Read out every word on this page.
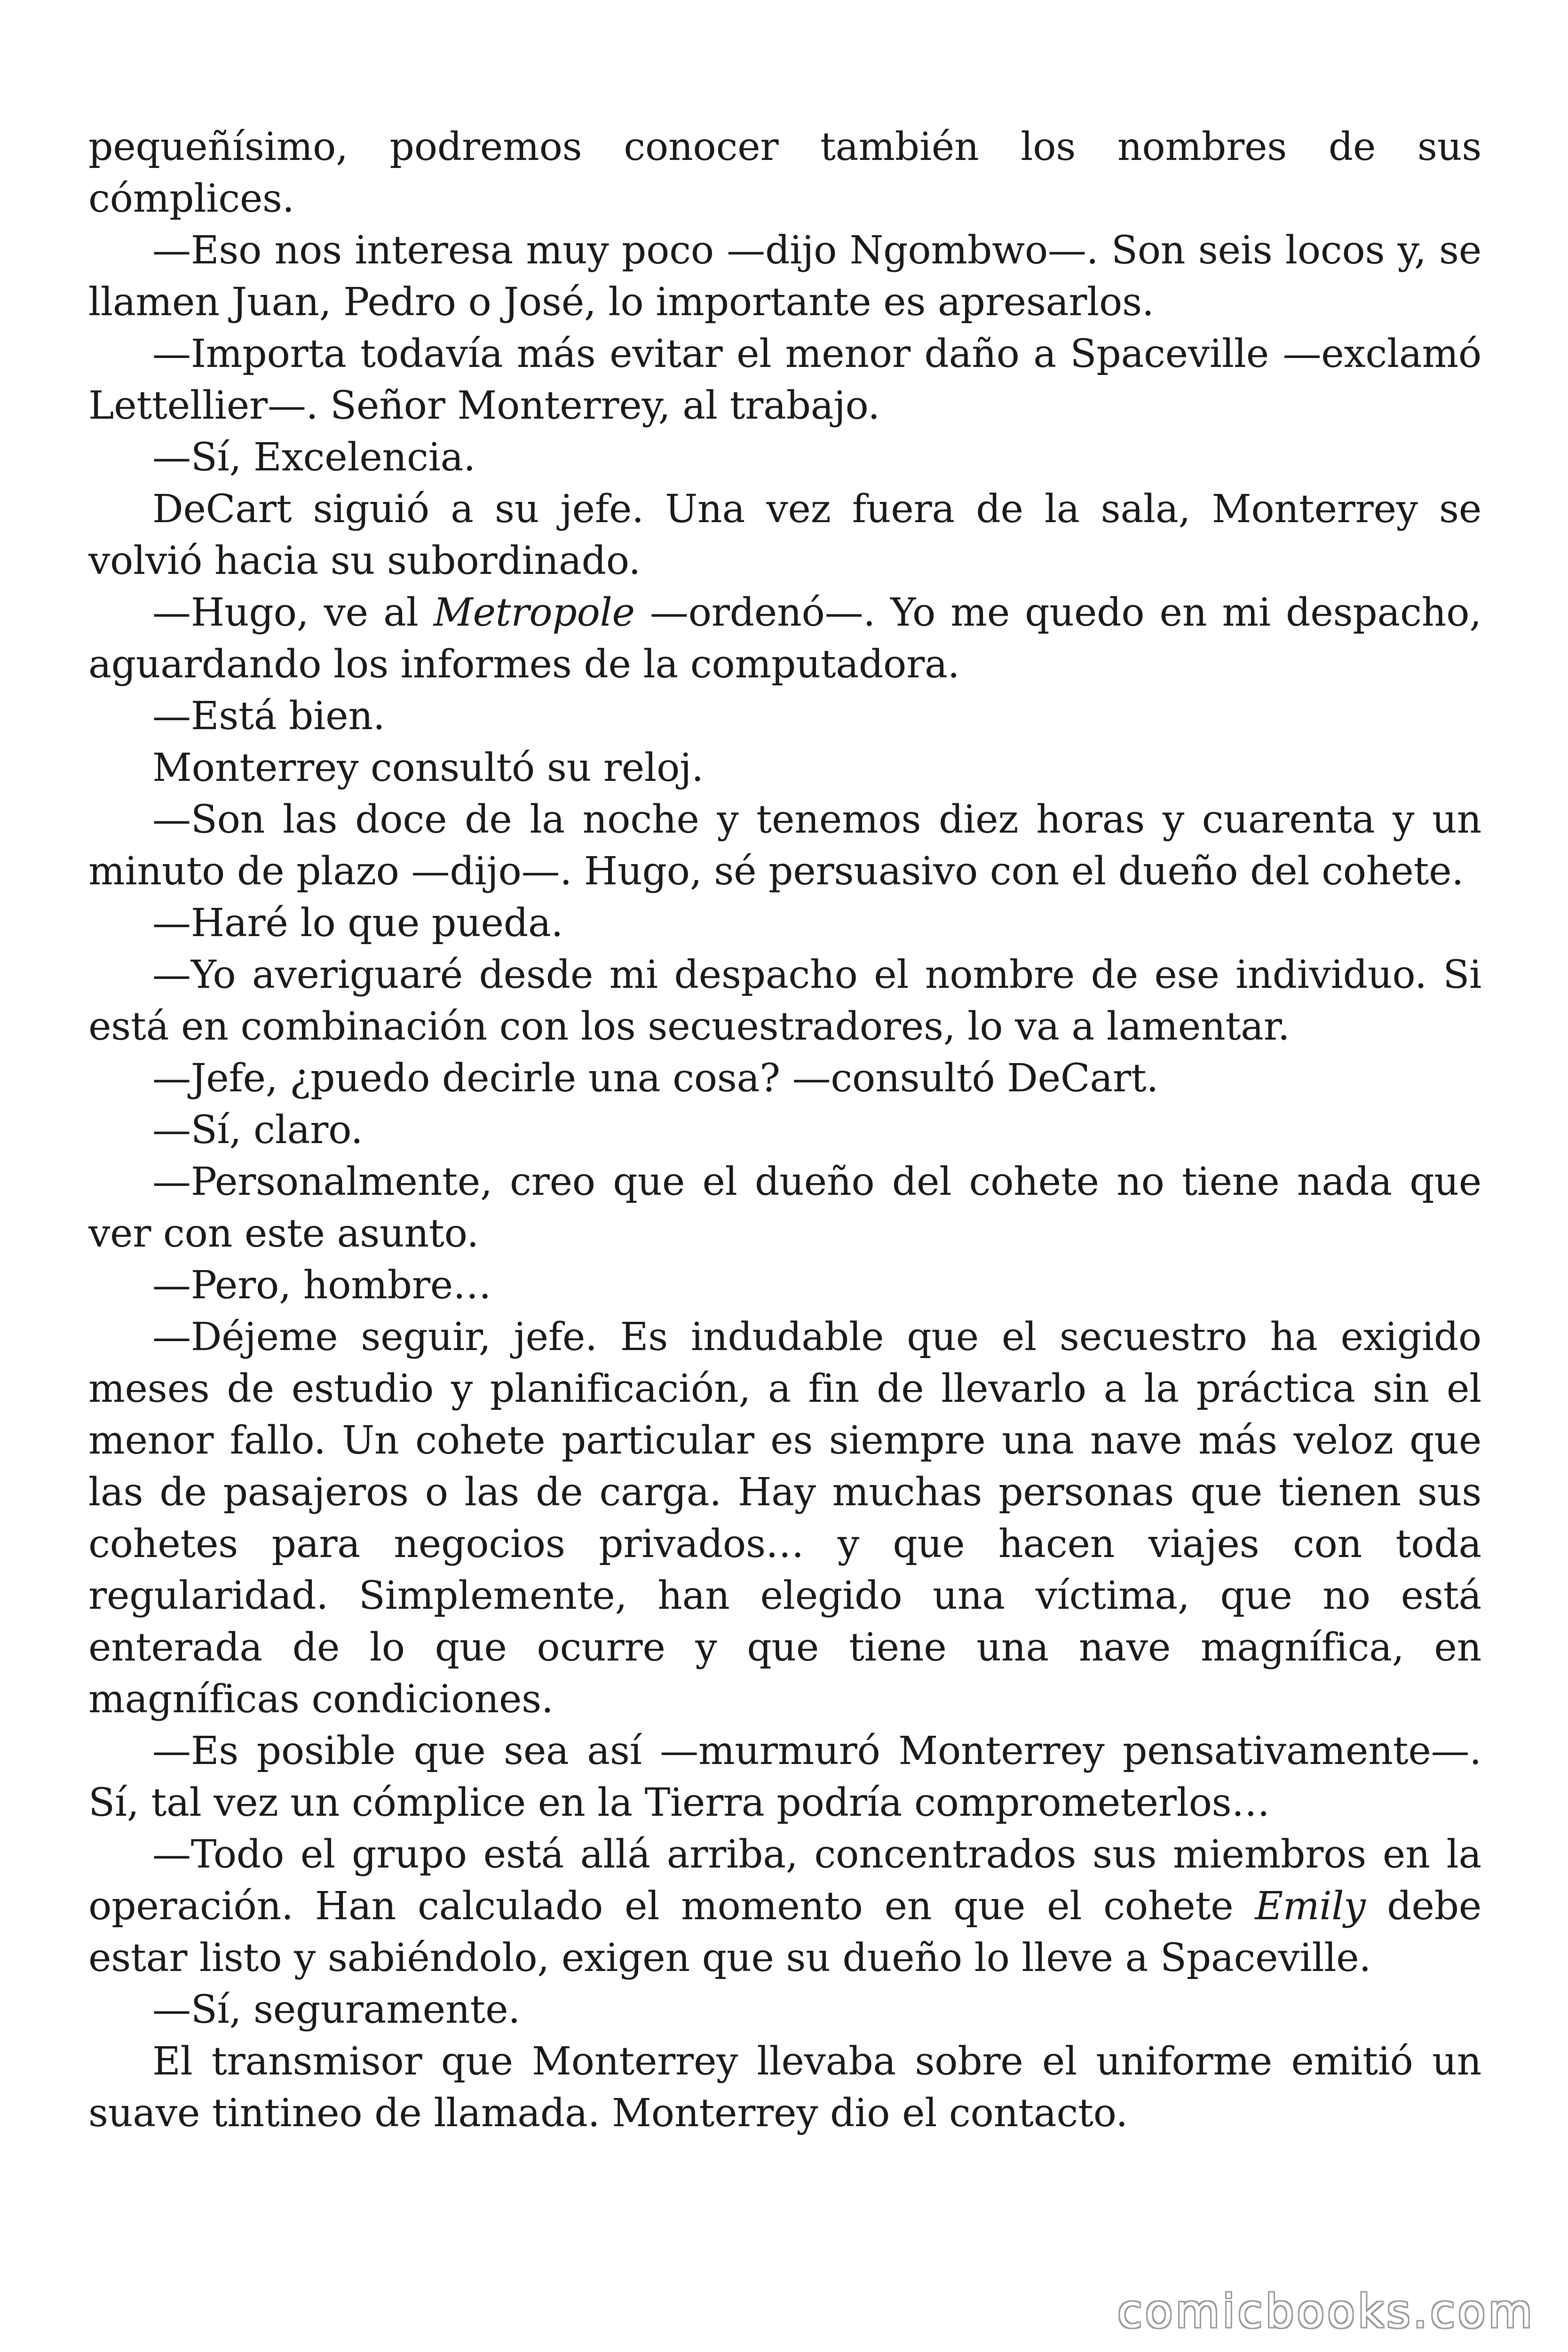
pequeñísimo, podremos conocer también los nombres de sus cómplices.

—Eso nos interesa muy poco —dijo Ngombwo—. Son seis locos y, se llamen Juan, Pedro o José, lo importante es apresarlos.

—Importa todavía más evitar el menor daño a Spaceville —exclamó Lettellier—. Señor Monterrey, al trabajo.

—Sí, Excelencia.

DeCart siguió a su jefe. Una vez fuera de la sala, Monterrey se volvió hacia su subordinado.

—Hugo, ve al Metropole —ordenó—. Yo me quedo en mi despacho, aguardando los informes de la computadora.

—Está bien.

Monterrey consultó su reloj.

—Son las doce de la noche y tenemos diez horas y cuarenta y un minuto de plazo —dijo—. Hugo, sé persuasivo con el dueño del cohete.

—Haré lo que pueda.

—Yo averiguaré desde mi despacho el nombre de ese individuo. Si está en combinación con los secuestradores, lo va a lamentar.

—Jefe, ¿puedo decirle una cosa? —consultó DeCart.

—Sí, claro.

—Personalmente, creo que el dueño del cohete no tiene nada que ver con este asunto.

—Pero, hombre…

—Déjeme seguir, jefe. Es indudable que el secuestro ha exigido meses de estudio y planificación, a fin de llevarlo a la práctica sin el menor fallo. Un cohete particular es siempre una nave más veloz que las de pasajeros o las de carga. Hay muchas personas que tienen sus cohetes para negocios privados… y que hacen viajes con toda regularidad. Simplemente, han elegido una víctima, que no está enterada de lo que ocurre y que tiene una nave magnífica, en magníficas condiciones.

—Es posible que sea así —murmuró Monterrey pensativamente—. Sí, tal vez un cómplice en la Tierra podría comprometerlos…

—Todo el grupo está allá arriba, concentrados sus miembros en la operación. Han calculado el momento en que el cohete Emily debe estar listo y sabiéndolo, exigen que su dueño lo lleve a Spaceville.

—Sí, seguramente.

El transmisor que Monterrey llevaba sobre el uniforme emitió un suave tintineo de llamada. Monterrey dio el contacto.

comicbooks.com
